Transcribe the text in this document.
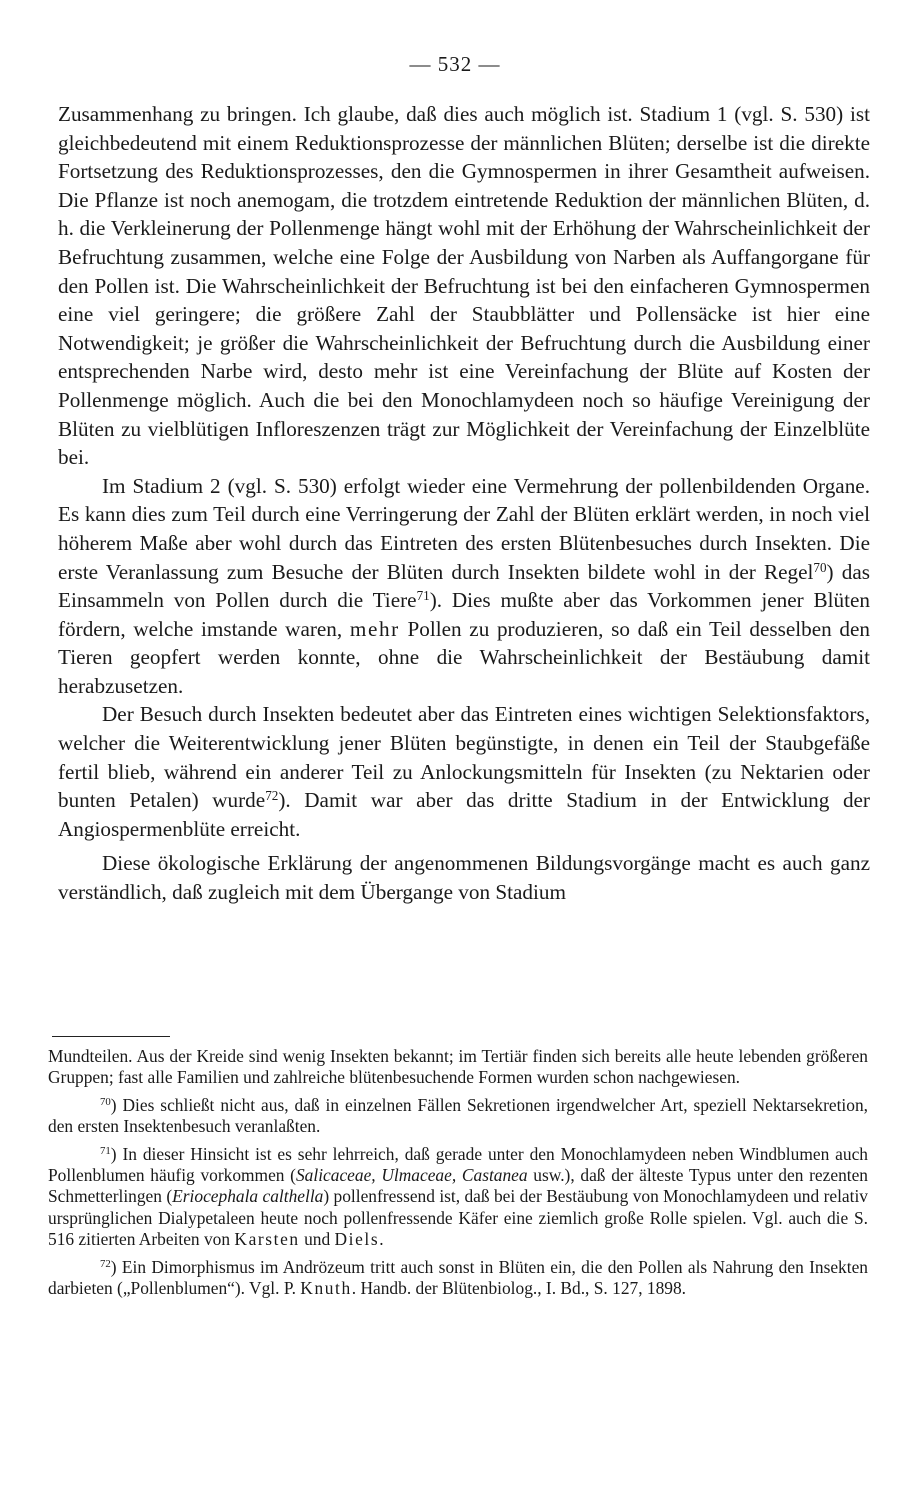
— 532 —

Zusammenhang zu bringen. Ich glaube, daß dies auch möglich ist. Stadium 1 (vgl. S. 530) ist gleichbedeutend mit einem Reduktionsprozesse der männlichen Blüten; derselbe ist die direkte Fortsetzung des Reduktionsprozesses, den die Gymnospermen in ihrer Gesamtheit aufweisen. Die Pflanze ist noch anemogam, die trotzdem eintretende Reduktion der männlichen Blüten, d. h. die Verkleinerung der Pollenmenge hängt wohl mit der Erhöhung der Wahrscheinlichkeit der Befruchtung zusammen, welche eine Folge der Ausbildung von Narben als Auffangorgane für den Pollen ist. Die Wahrscheinlichkeit der Befruchtung ist bei den einfacheren Gymnospermen eine viel geringere; die größere Zahl der Staubblätter und Pollensäcke ist hier eine Notwendigkeit; je größer die Wahrscheinlichkeit der Befruchtung durch die Ausbildung einer entsprechenden Narbe wird, desto mehr ist eine Vereinfachung der Blüte auf Kosten der Pollenmenge möglich. Auch die bei den Monochlamydeen noch so häufige Vereinigung der Blüten zu vielblütigen Infloreszenzen trägt zur Möglichkeit der Vereinfachung der Einzelblüte bei.

Im Stadium 2 (vgl. S. 530) erfolgt wieder eine Vermehrung der pollenbildenden Organe. Es kann dies zum Teil durch eine Verringerung der Zahl der Blüten erklärt werden, in noch viel höherem Maße aber wohl durch das Eintreten des ersten Blütenbesuches durch Insekten. Die erste Veranlassung zum Besuche der Blüten durch Insekten bildete wohl in der Regel$^{70}$) das Einsammeln von Pollen durch die Tiere$^{71}$). Dies mußte aber das Vorkommen jener Blüten fördern, welche imstande waren, mehr Pollen zu produzieren, so daß ein Teil desselben den Tieren geopfert werden konnte, ohne die Wahrscheinlichkeit der Bestäubung damit herabzusetzen.

Der Besuch durch Insekten bedeutet aber das Eintreten eines wichtigen Selektionsfaktors, welcher die Weiterentwicklung jener Blüten begünstigte, in denen ein Teil der Staubgefäße fertil blieb, während ein anderer Teil zu Anlockungsmitteln für Insekten (zu Nektarien oder bunten Petalen) wurde$^{72}$). Damit war aber das dritte Stadium in der Entwicklung der Angiospermenblüte erreicht.

Diese ökologische Erklärung der angenommenen Bildungsvorgänge macht es auch ganz verständlich, daß zugleich mit dem Übergange von Stadium

Mundteilen. Aus der Kreide sind wenig Insekten bekannt; im Tertiär finden sich bereits alle heute lebenden größeren Gruppen; fast alle Familien und zahlreiche blütenbesuchende Formen wurden schon nachgewiesen.

$^{70}$) Dies schließt nicht aus, daß in einzelnen Fällen Sekretionen irgendwelcher Art, speziell Nektarsekretion, den ersten Insektenbesuch veranlaßten.

$^{71}$) In dieser Hinsicht ist es sehr lehrreich, daß gerade unter den Monochlamydeen neben Windblumen auch Pollenblumen häufig vorkommen (Salicaceae, Ulmaceae, Castanea usw.), daß der älteste Typus unter den rezenten Schmetterlingen (Eriocephala calthella) pollenfressend ist, daß bei der Bestäubung von Monochlamydeen und relativ ursprünglichen Dialypetaleen heute noch pollenfressende Käfer eine ziemlich große Rolle spielen. Vgl. auch die S. 516 zitierten Arbeiten von Karsten und Diels.

$^{72}$) Ein Dimorphismus im Andrözeum tritt auch sonst in Blüten ein, die den Pollen als Nahrung den Insekten darbieten („Pollenblumen“). Vgl. P. Knuth. Handb. der Blütenbiolog., I. Bd., S. 127, 1898.
